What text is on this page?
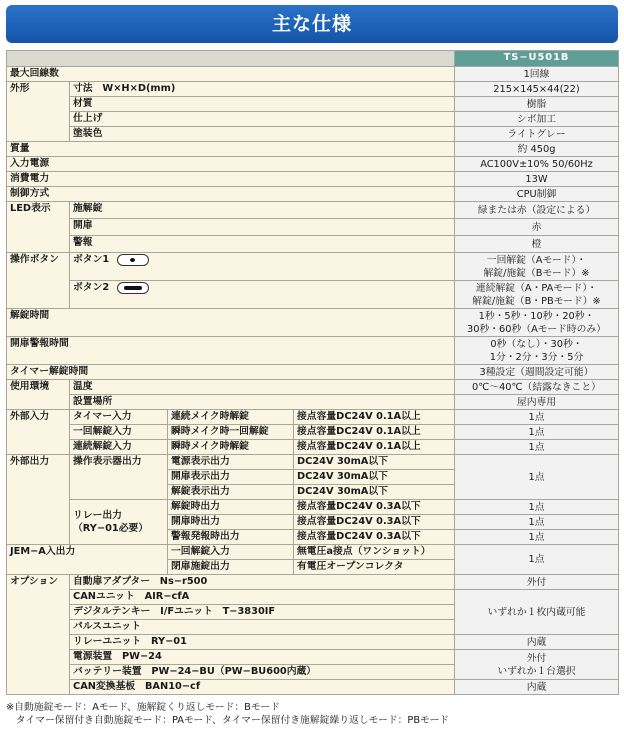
主な仕様
				TS−U501B
最大回線数				1回線
外形	寸法　W×H×D(mm)			215×145×44(22)
	材質			樹脂
	仕上げ			シボ加工
	塗装色			ライトグレー
質量				約 450g
入力電源				AC100V±10% 50/60Hz
消費電力				13W
制御方式				CPU制御
LED表示	施解錠			緑または赤（設定による）
	開扉			赤
	警報			橙
操作ボタン	ボタン1			一回解錠（Aモード）・
解錠/施錠（Bモード）※

	ボタン2			連続解錠（A・PAモード）・
解錠/施錠（B・PBモード）※

解錠時間				1秒・5秒・10秒・20秒・
30秒・60秒（Aモード時のみ）

開扉警報時間				0秒（なし）・30秒・
1分・2分・3分・5分

タイマー解錠時間				3種設定（週間設定可能）
使用環境	温度			0℃〜40℃（結露なきこと）
	設置場所			屋内専用
外部入力	タイマー入力	連続メイク時解錠	接点容量DC24V 0.1A以上	1点
	一回解錠入力	瞬時メイク時一回解錠	接点容量DC24V 0.1A以上	1点
	連続解錠入力	瞬時メイク時解錠	接点容量DC24V 0.1A以上	1点
外部出力	操作表示器出力	電源表示出力	DC24V 30mA以下	1点
		開扉表示出力	DC24V 30mA以下	
		解錠表示出力	DC24V 30mA以下	

	リレー出力
（RY−01必要）	解錠時出力	接点容量DC24V 0.3A以下	1点
		開扉時出力	接点容量DC24V 0.3A以下	1点
		警報発報時出力	接点容量DC24V 0.3A以下	1点
JEM−A入出力		一回解錠入力	無電圧a接点（ワンショット）	1点
		閉扉施錠出力	有電圧オープンコレクタ	
オプション	自動扉アダプター　Ns−r500			外付
	CANユニット　AIR−cfA			いずれか１枚内蔵可能
	デジタルテンキー　I/Fユニット　T−3830IF			
	パルスユニット			
	リレーユニット　RY−01			内蔵
	電源装置　PW−24			外付
いずれか１台選択

	バッテリー装置　PW−24−BU（PW−BU600内蔵）			
	CAN変換基板　BAN10−cf			内蔵
※自動施錠モード：Aモード、施解錠くり返しモード：Bモード
　タイマー保留付き自動施錠モード：PAモード、タイマー保留付き施解錠繰り返しモード：PBモード
